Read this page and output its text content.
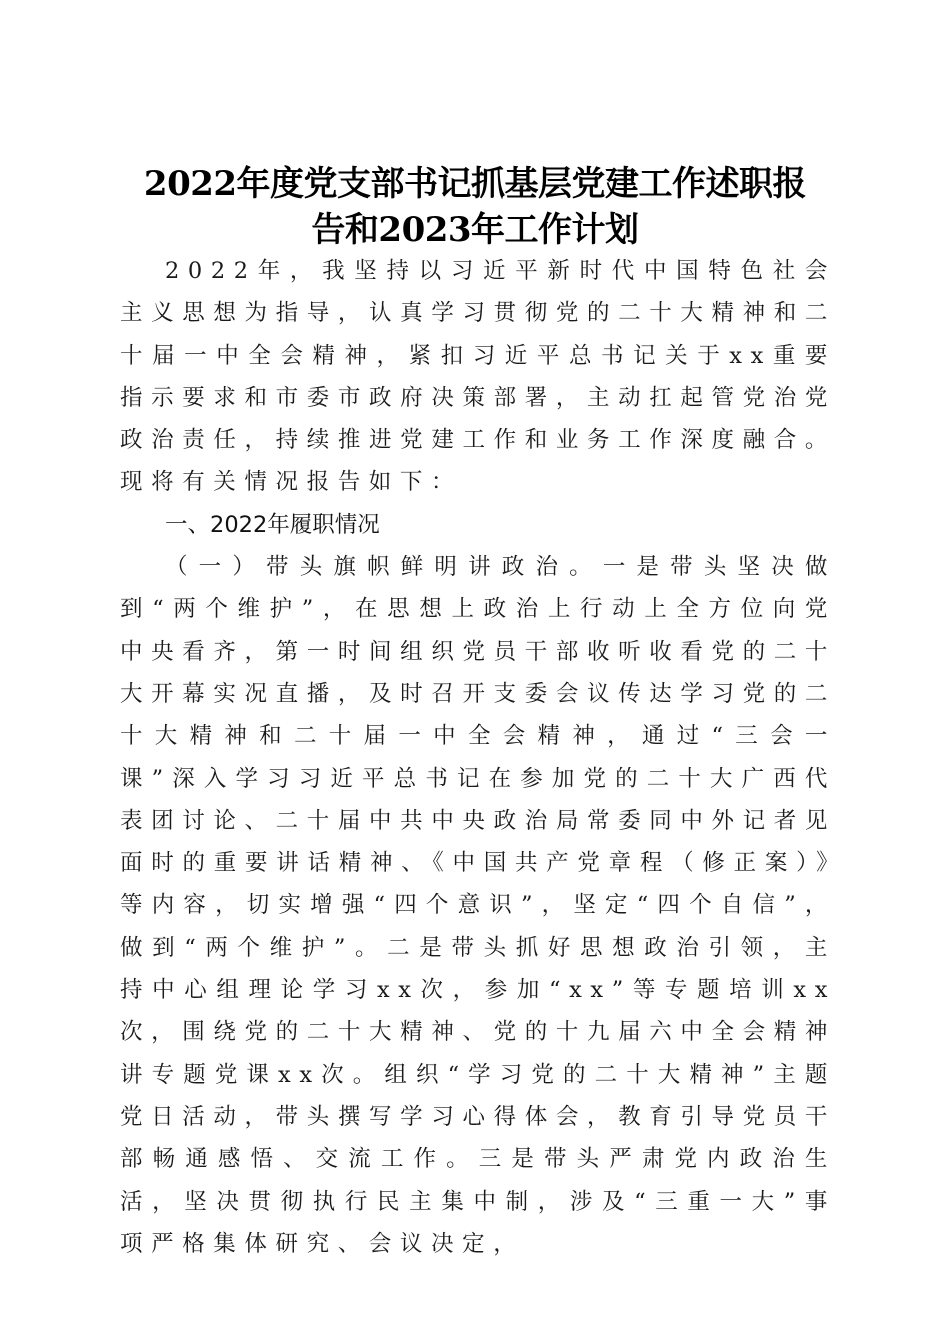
2022年度党支部书记抓基层党建工作述职报
告和2023年工作计划

2022年，我坚持以习近平新时代中国特色社会主义思想为指导，认真学习贯彻党的二十大精神和二十届一中全会精神，紧扣习近平总书记关于xx重要指示要求和市委市政府决策部署，主动扛起管党治党政治责任，持续推进党建工作和业务工作深度融合。现将有关情况报告如下：

一、2022年履职情况

（一）带头旗帜鲜明讲政治。一是带头坚决做到“两个维护”，在思想上政治上行动上全方位向党中央看齐，第一时间组织党员干部收听收看党的二十大开幕实况直播，及时召开支委会议传达学习党的二十大精神和二十届一中全会精神，通过“三会一课”深入学习习近平总书记在参加党的二十大广西代表团讨论、二十届中共中央政治局常委同中外记者见面时的重要讲话精神、《中国共产党章程（修正案）》等内容，切实增强“四个意识”，坚定“四个自信”，做到“两个维护”。二是带头抓好思想政治引领，主持中心组理论学习xx次，参加“xx”等专题培训xx次，围绕党的二十大精神、党的十九届六中全会精神讲专题党课xx次。组织“学习党的二十大精神”主题党日活动，带头撰写学习心得体会，教育引导党员干部畅通感悟、交流工作。三是带头严肃党内政治生活，坚决贯彻执行民主集中制，涉及“三重一大”事项严格集体研究、会议决定，
